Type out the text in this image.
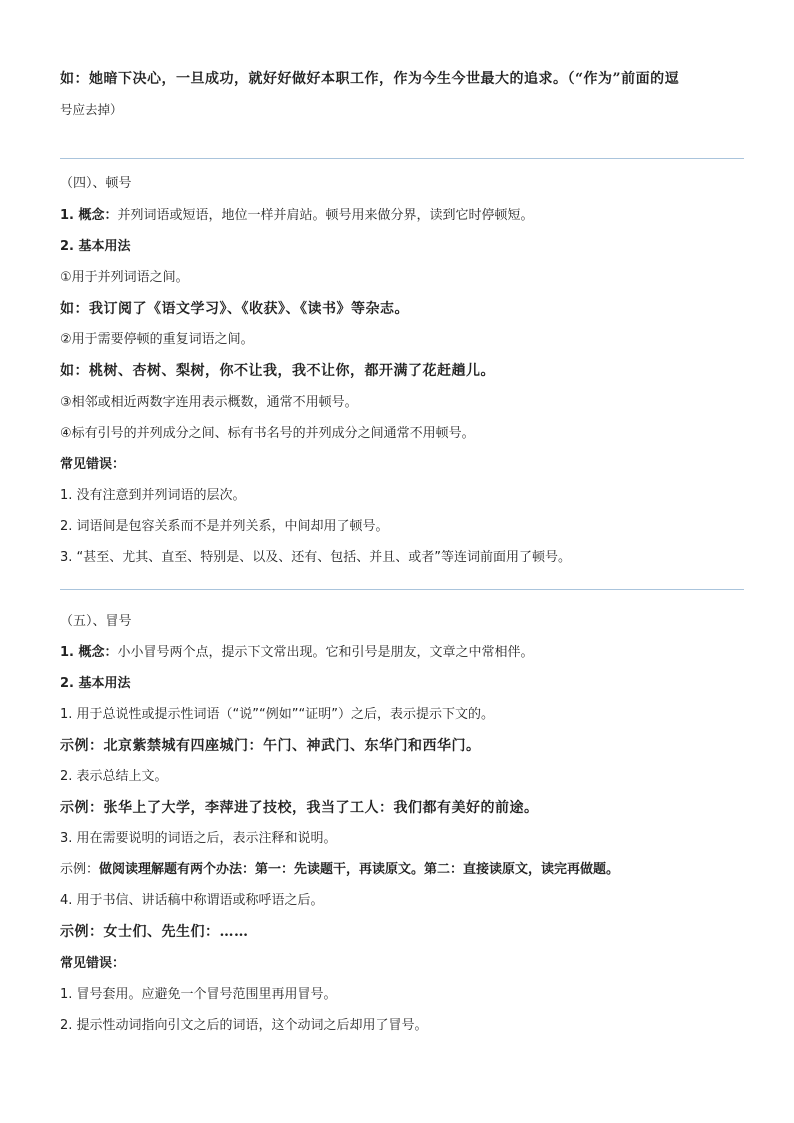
如：她暗下决心，一旦成功，就好好做好本职工作，作为今生今世最大的追求。（“作为”前面的逗
号应去掉）
（四）、顿号
1. 概念：并列词语或短语，地位一样并肩站。顿号用来做分界，读到它时停顿短。
2. 基本用法
①用于并列词语之间。
如：我订阅了《语文学习》、《收获》、《读书》等杂志。
②用于需要停顿的重复词语之间。
如：桃树、杏树、梨树，你不让我，我不让你，都开满了花赶趟儿。
③相邻或相近两数字连用表示概数，通常不用顿号。
④标有引号的并列成分之间、标有书名号的并列成分之间通常不用顿号。
常见错误：
1. 没有注意到并列词语的层次。
2. 词语间是包容关系而不是并列关系，中间却用了顿号。
3. “甚至、尤其、直至、特别是、以及、还有、包括、并且、或者”等连词前面用了顿号。
（五）、冒号
1. 概念：小小冒号两个点，提示下文常出现。它和引号是朋友，文章之中常相伴。
2. 基本用法
1. 用于总说性或提示性词语（“说”“例如”“证明”）之后，表示提示下文的。
示例：北京紫禁城有四座城门：午门、神武门、东华门和西华门。
2. 表示总结上文。
示例：张华上了大学，李萍进了技校，我当了工人：我们都有美好的前途。
3. 用在需要说明的词语之后，表示注释和说明。
示例：做阅读理解题有两个办法：第一：先读题干，再读原文。第二：直接读原文，读完再做题。
4. 用于书信、讲话稿中称谓语或称呼语之后。
示例：女士们、先生们：……
常见错误：
1. 冒号套用。应避免一个冒号范围里再用冒号。
2. 提示性动词指向引文之后的词语，这个动词之后却用了冒号。
